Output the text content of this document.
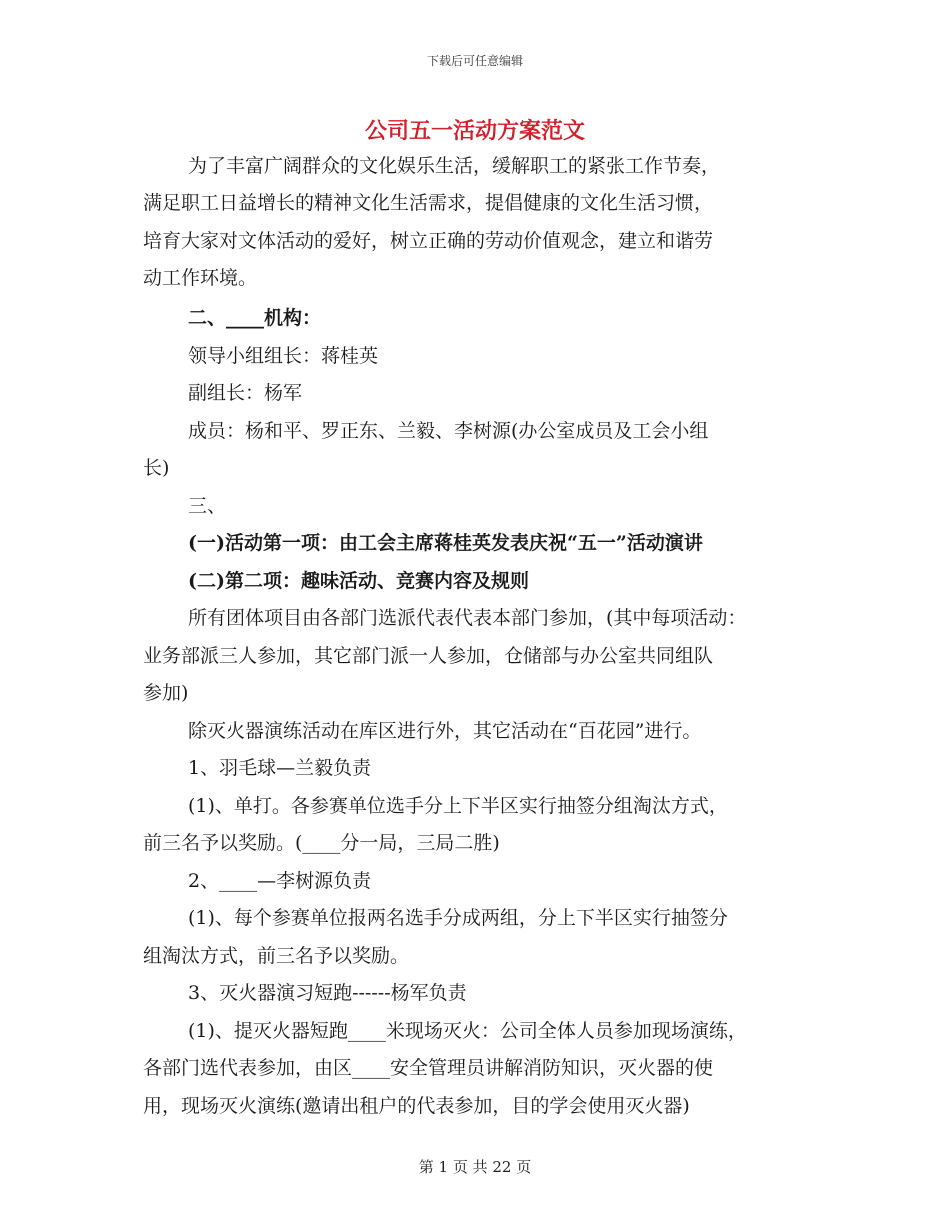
下载后可任意编辑
公司五一活动方案范文
为了丰富广阔群众的文化娱乐生活，缓解职工的紧张工作节奏，
满足职工日益增长的精神文化生活需求，提倡健康的文化生活习惯，
培育大家对文体活动的爱好，树立正确的劳动价值观念，建立和谐劳
动工作环境。
二、____机构：
领导小组组长：蒋桂英
副组长：杨军
成员：杨和平、罗正东、兰毅、李树源(办公室成员及工会小组
长)
三、
(一)活动第一项：由工会主席蒋桂英发表庆祝“五一”活动演讲
(二)第二项：趣味活动、竞赛内容及规则
所有团体项目由各部门选派代表代表本部门参加，(其中每项活动：
业务部派三人参加，其它部门派一人参加，仓储部与办公室共同组队
参加)
除灭火器演练活动在库区进行外，其它活动在“百花园”进行。
1、羽毛球—兰毅负责
(1)、单打。各参赛单位选手分上下半区实行抽签分组淘汰方式，
前三名予以奖励。(____分一局，三局二胜)
2、____—李树源负责
(1)、每个参赛单位报两名选手分成两组，分上下半区实行抽签分
组淘汰方式，前三名予以奖励。
3、灭火器演习短跑------杨军负责
(1)、提灭火器短跑____米现场灭火：公司全体人员参加现场演练，
各部门选代表参加，由区____安全管理员讲解消防知识，灭火器的使
用，现场灭火演练(邀请出租户的代表参加，目的学会使用灭火器)
第 1 页 共 22 页
